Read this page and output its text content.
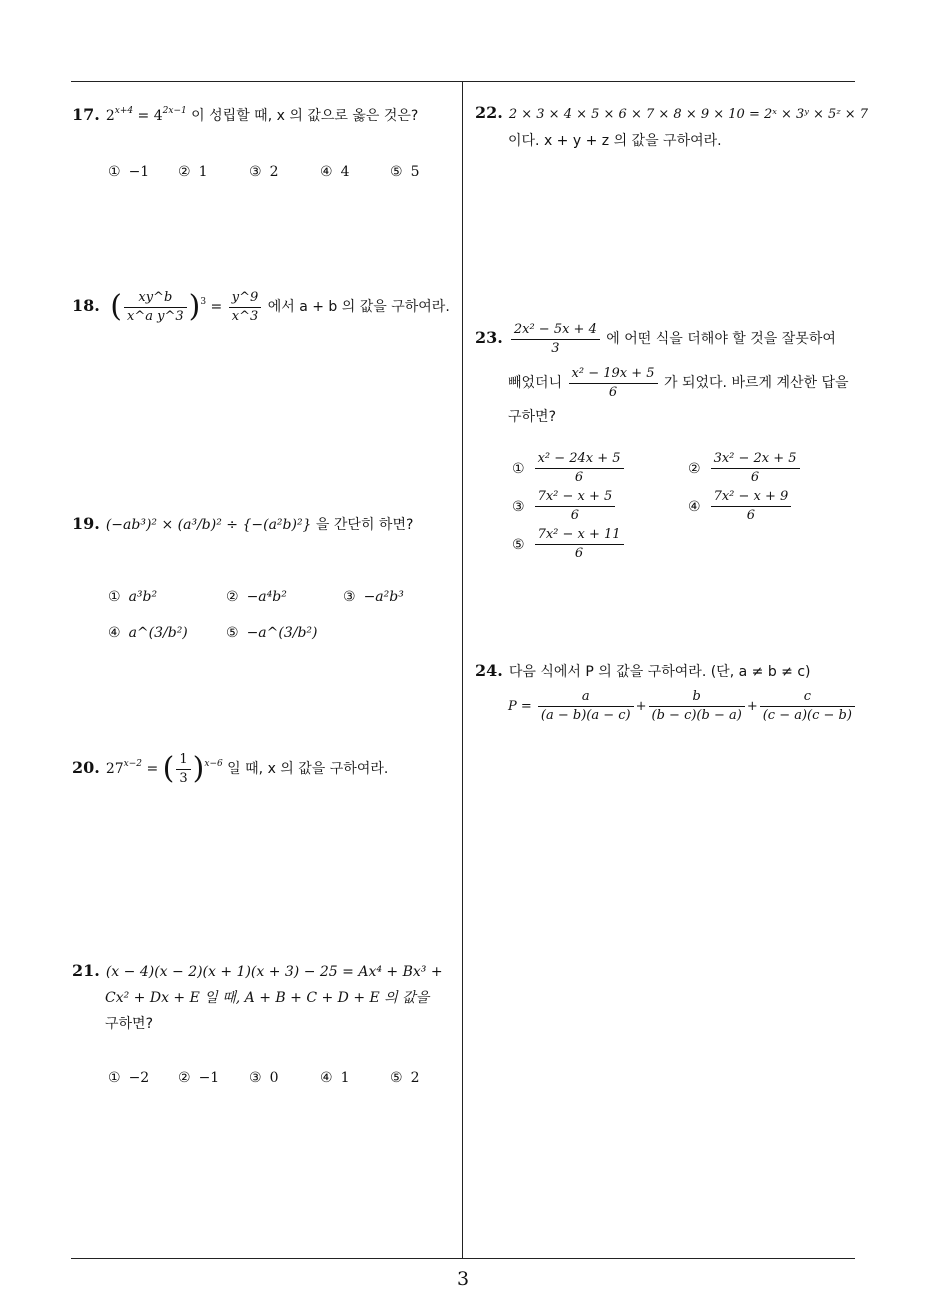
17. $2^{x+4} = 4^{2x-1}$ 이 성립할 때, x 의 값으로 옳은 것은?
① −1 ② 1	③ 2	④ 4	⑤ 5
18. ( $\frac{xy\^{}b}{\text{x\textasciicircum{}a y\textasciicircum{}3}} )^3 = \frac{y\^{}9}{x\^{}3}$ 에서 a + b 의 값을 구하여라.
19. (−ab³)² × (a³/b)² ÷ {−(a²b)²} 을 간단히 하면?
① a³b²	② −a⁴b²	③ −a²b³
④ a^(3/b²)	⑤ −a^(3/b²)
20. $27^{x-2}$ = ( $\frac{1}{3} )^{x-6}$ 일 때, x 의 값을 구하여라.
21. (x − 4)(x − 2)(x + 1)(x + 3) − 25 = Ax⁴ + Bx³ +
Cx² + Dx + E 일 때, A + B + C + D + E 의 값을
구하면?
① −2 ② −1 ③ 0	④ 1	⑤ 2
22. 2 × 3 × 4 × 5 × 6 × 7 × 8 × 9 × 10 = 2ˣ × 3ʸ × 5ᶻ × 7
이다. x + y + z 의 값을 구하여라.
23. $\frac{\text{2x² − 5x + 4}}{3}$ 에 어떤 식을 더해야 할 것을 잘못하여
빼었더니 $\frac{\text{x² − 19x + 5}}{6}$ 가 되었다. 바르게 계산한 답을
구하면?
① $\frac{\text{x² − 24x + 5}}{6}$	② $\frac{\text{3x² − 2x + 5}}{6}$
③ $\frac{\text{7x² − x + 5}}{6}$	④ $\frac{\text{7x² − x + 9}}{6}$
⑤ $\frac{\text{7x² − x + 11}}{6}$
24. 다음 식에서 P 의 값을 구하여라. (단, a ≠ b ≠ c)
$P = \frac{a}{(a - b)(a - c)} + \frac{b}{(b - c)(b - a)} + \frac{c}{(c - a)(c - b)}$
3
